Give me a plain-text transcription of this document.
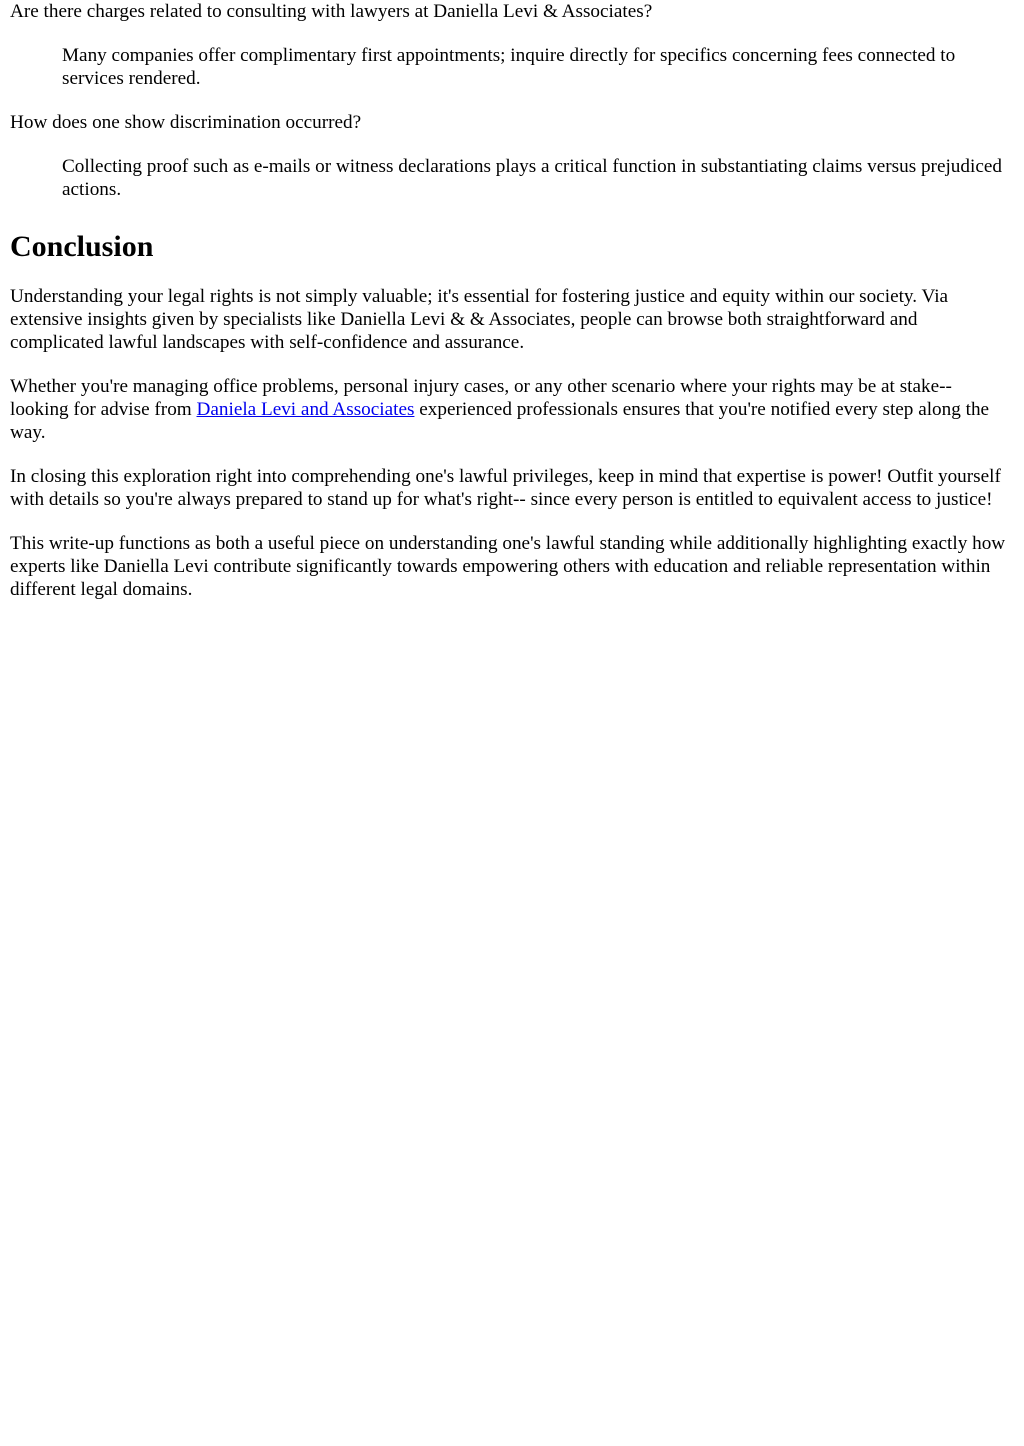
Are there charges related to consulting with lawyers at Daniella Levi & Associates?
Many companies offer complimentary first appointments; inquire directly for specifics concerning fees connected to services rendered.
How does one show discrimination occurred?
Collecting proof such as e-mails or witness declarations plays a critical function in substantiating claims versus prejudiced actions.
Conclusion

Understanding your legal rights is not simply valuable; it's essential for fostering justice and equity within our society. Via extensive insights given by specialists like Daniella Levi & & Associates, people can browse both straightforward and complicated lawful landscapes with self-confidence and assurance.

Whether you're managing office problems, personal injury cases, or any other scenario where your rights may be at stake-- looking for advise from Daniela Levi and Associates experienced professionals ensures that you're notified every step along the way.

In closing this exploration right into comprehending one's lawful privileges, keep in mind that expertise is power! Outfit yourself with details so you're always prepared to stand up for what's right-- since every person is entitled to equivalent access to justice!

This write-up functions as both a useful piece on understanding one's lawful standing while additionally highlighting exactly how experts like Daniella Levi contribute significantly towards empowering others with education and reliable representation within different legal domains.
